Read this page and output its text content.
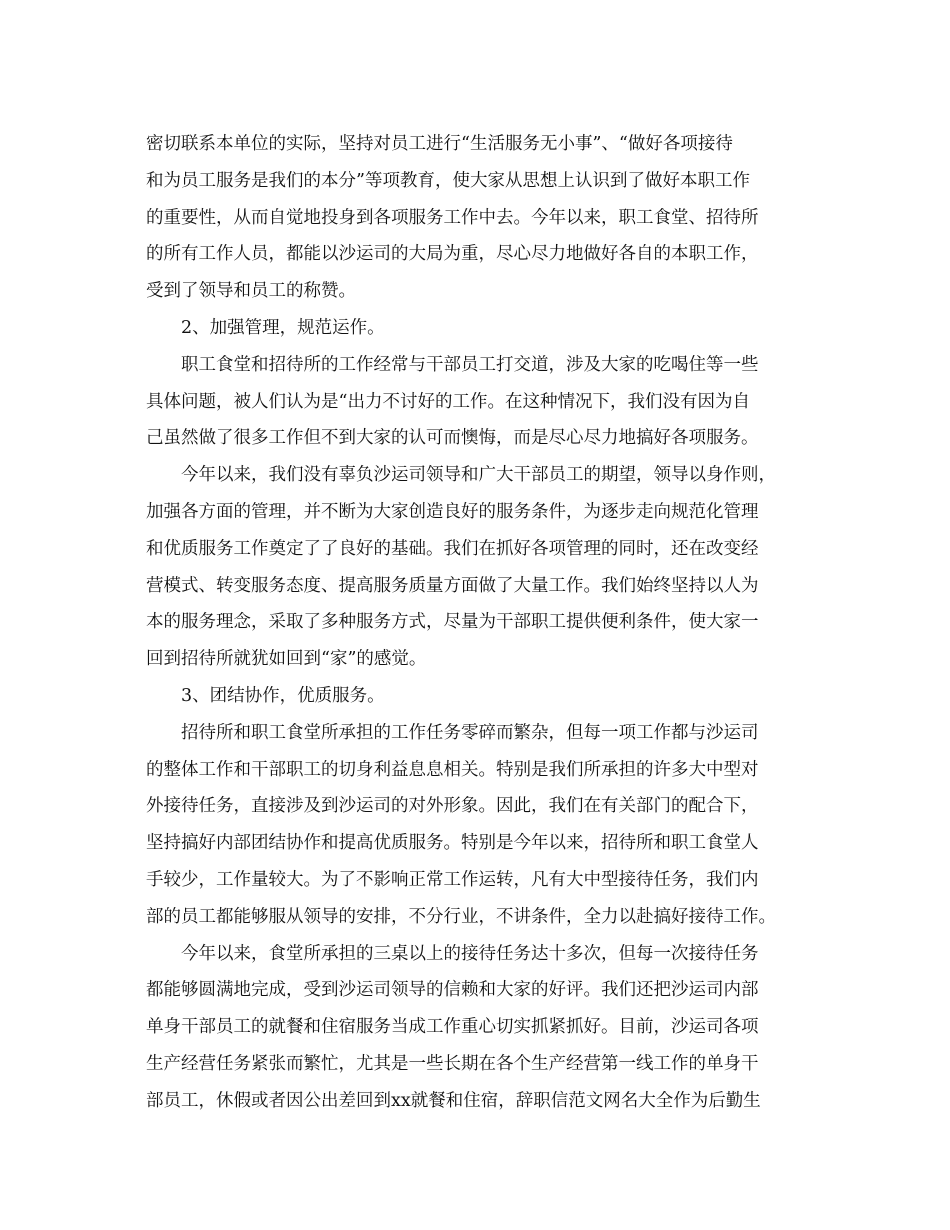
密切联系本单位的实际，坚持对员工进行“生活服务无小事”、“做好各项接待
和为员工服务是我们的本分”等项教育，使大家从思想上认识到了做好本职工作
的重要性，从而自觉地投身到各项服务工作中去。今年以来，职工食堂、招待所
的所有工作人员，都能以沙运司的大局为重，尽心尽力地做好各自的本职工作，
受到了领导和员工的称赞。
2、加强管理，规范运作。
职工食堂和招待所的工作经常与干部员工打交道，涉及大家的吃喝住等一些
具体问题，被人们认为是“出力不讨好的工作。在这种情况下，我们没有因为自
己虽然做了很多工作但不到大家的认可而懊悔，而是尽心尽力地搞好各项服务。
今年以来，我们没有辜负沙运司领导和广大干部员工的期望，领导以身作则，
加强各方面的管理，并不断为大家创造良好的服务条件，为逐步走向规范化管理
和优质服务工作奠定了了良好的基础。我们在抓好各项管理的同时，还在改变经
营模式、转变服务态度、提高服务质量方面做了大量工作。我们始终坚持以人为
本的服务理念，采取了多种服务方式，尽量为干部职工提供便利条件，使大家一
回到招待所就犹如回到“家”的感觉。
3、团结协作，优质服务。
招待所和职工食堂所承担的工作任务零碎而繁杂，但每一项工作都与沙运司
的整体工作和干部职工的切身利益息息相关。特别是我们所承担的许多大中型对
外接待任务，直接涉及到沙运司的对外形象。因此，我们在有关部门的配合下，
坚持搞好内部团结协作和提高优质服务。特别是今年以来，招待所和职工食堂人
手较少，工作量较大。为了不影响正常工作运转，凡有大中型接待任务，我们内
部的员工都能够服从领导的安排，不分行业，不讲条件，全力以赴搞好接待工作。
今年以来，食堂所承担的三桌以上的接待任务达十多次，但每一次接待任务
都能够圆满地完成，受到沙运司领导的信赖和大家的好评。我们还把沙运司内部
单身干部员工的就餐和住宿服务当成工作重心切实抓紧抓好。目前，沙运司各项
生产经营任务紧张而繁忙，尤其是一些长期在各个生产经营第一线工作的单身干
部员工，休假或者因公出差回到xx就餐和住宿，辞职信范文网名大全作为后勤生
